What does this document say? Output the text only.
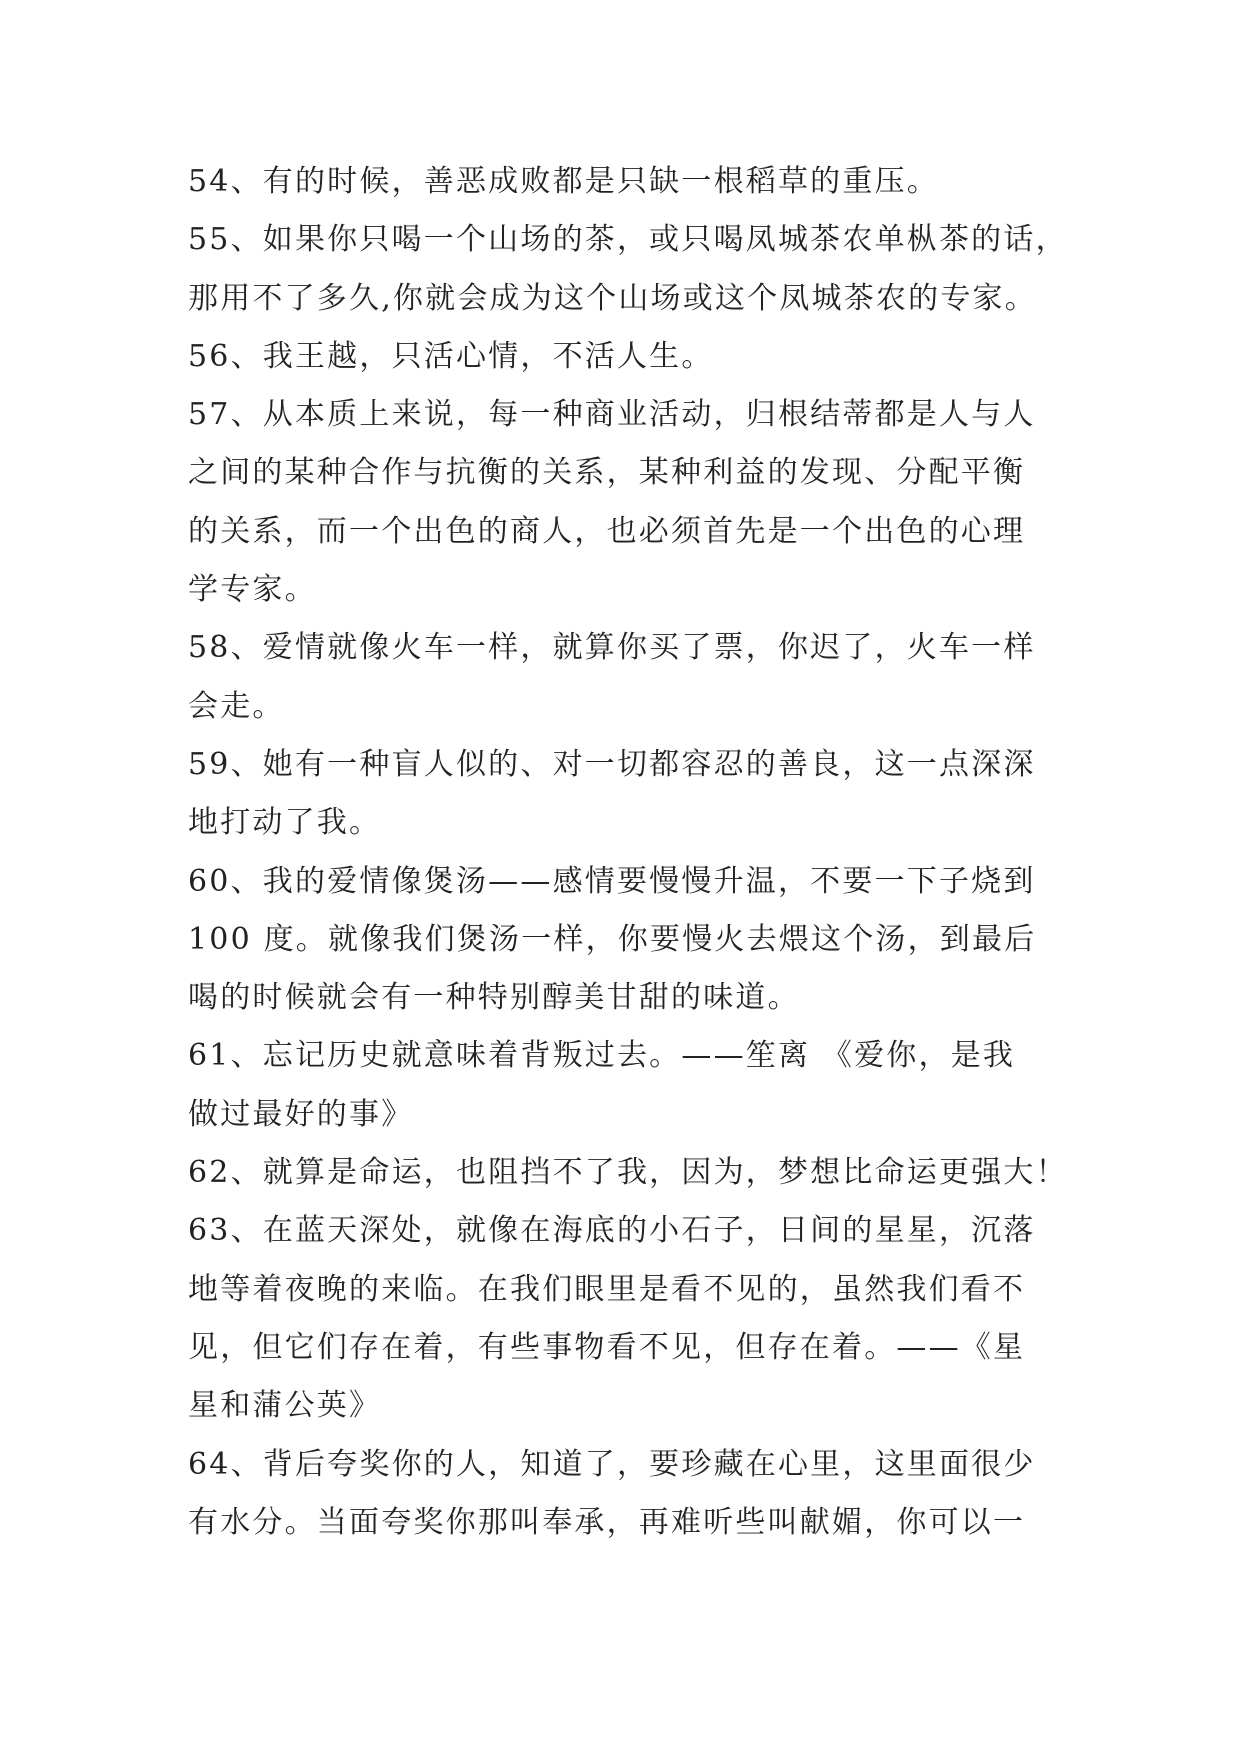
54、有的时候，善恶成败都是只缺一根稻草的重压。
55、如果你只喝一个山场的茶，或只喝凤城茶农单枞茶的话，
那用不了多久,你就会成为这个山场或这个凤城茶农的专家。
56、我王越，只活心情，不活人生。
57、从本质上来说，每一种商业活动，归根结蒂都是人与人
之间的某种合作与抗衡的关系，某种利益的发现、分配平衡
的关系，而一个出色的商人，也必须首先是一个出色的心理
学专家。
58、爱情就像火车一样，就算你买了票，你迟了，火车一样
会走。
59、她有一种盲人似的、对一切都容忍的善良，这一点深深
地打动了我。
60、我的爱情像煲汤——感情要慢慢升温，不要一下子烧到
100 度。就像我们煲汤一样，你要慢火去煨这个汤，到最后
喝的时候就会有一种特别醇美甘甜的味道。
61、忘记历史就意味着背叛过去。——笙离 《爱你，是我
做过最好的事》
62、就算是命运，也阻挡不了我，因为，梦想比命运更强大！
63、在蓝天深处，就像在海底的小石子，日间的星星，沉落
地等着夜晚的来临。在我们眼里是看不见的，虽然我们看不
见，但它们存在着，有些事物看不见，但存在着。——《星
星和蒲公英》
64、背后夸奖你的人，知道了，要珍藏在心里，这里面很少
有水分。当面夸奖你那叫奉承，再难听些叫献媚，你可以一
